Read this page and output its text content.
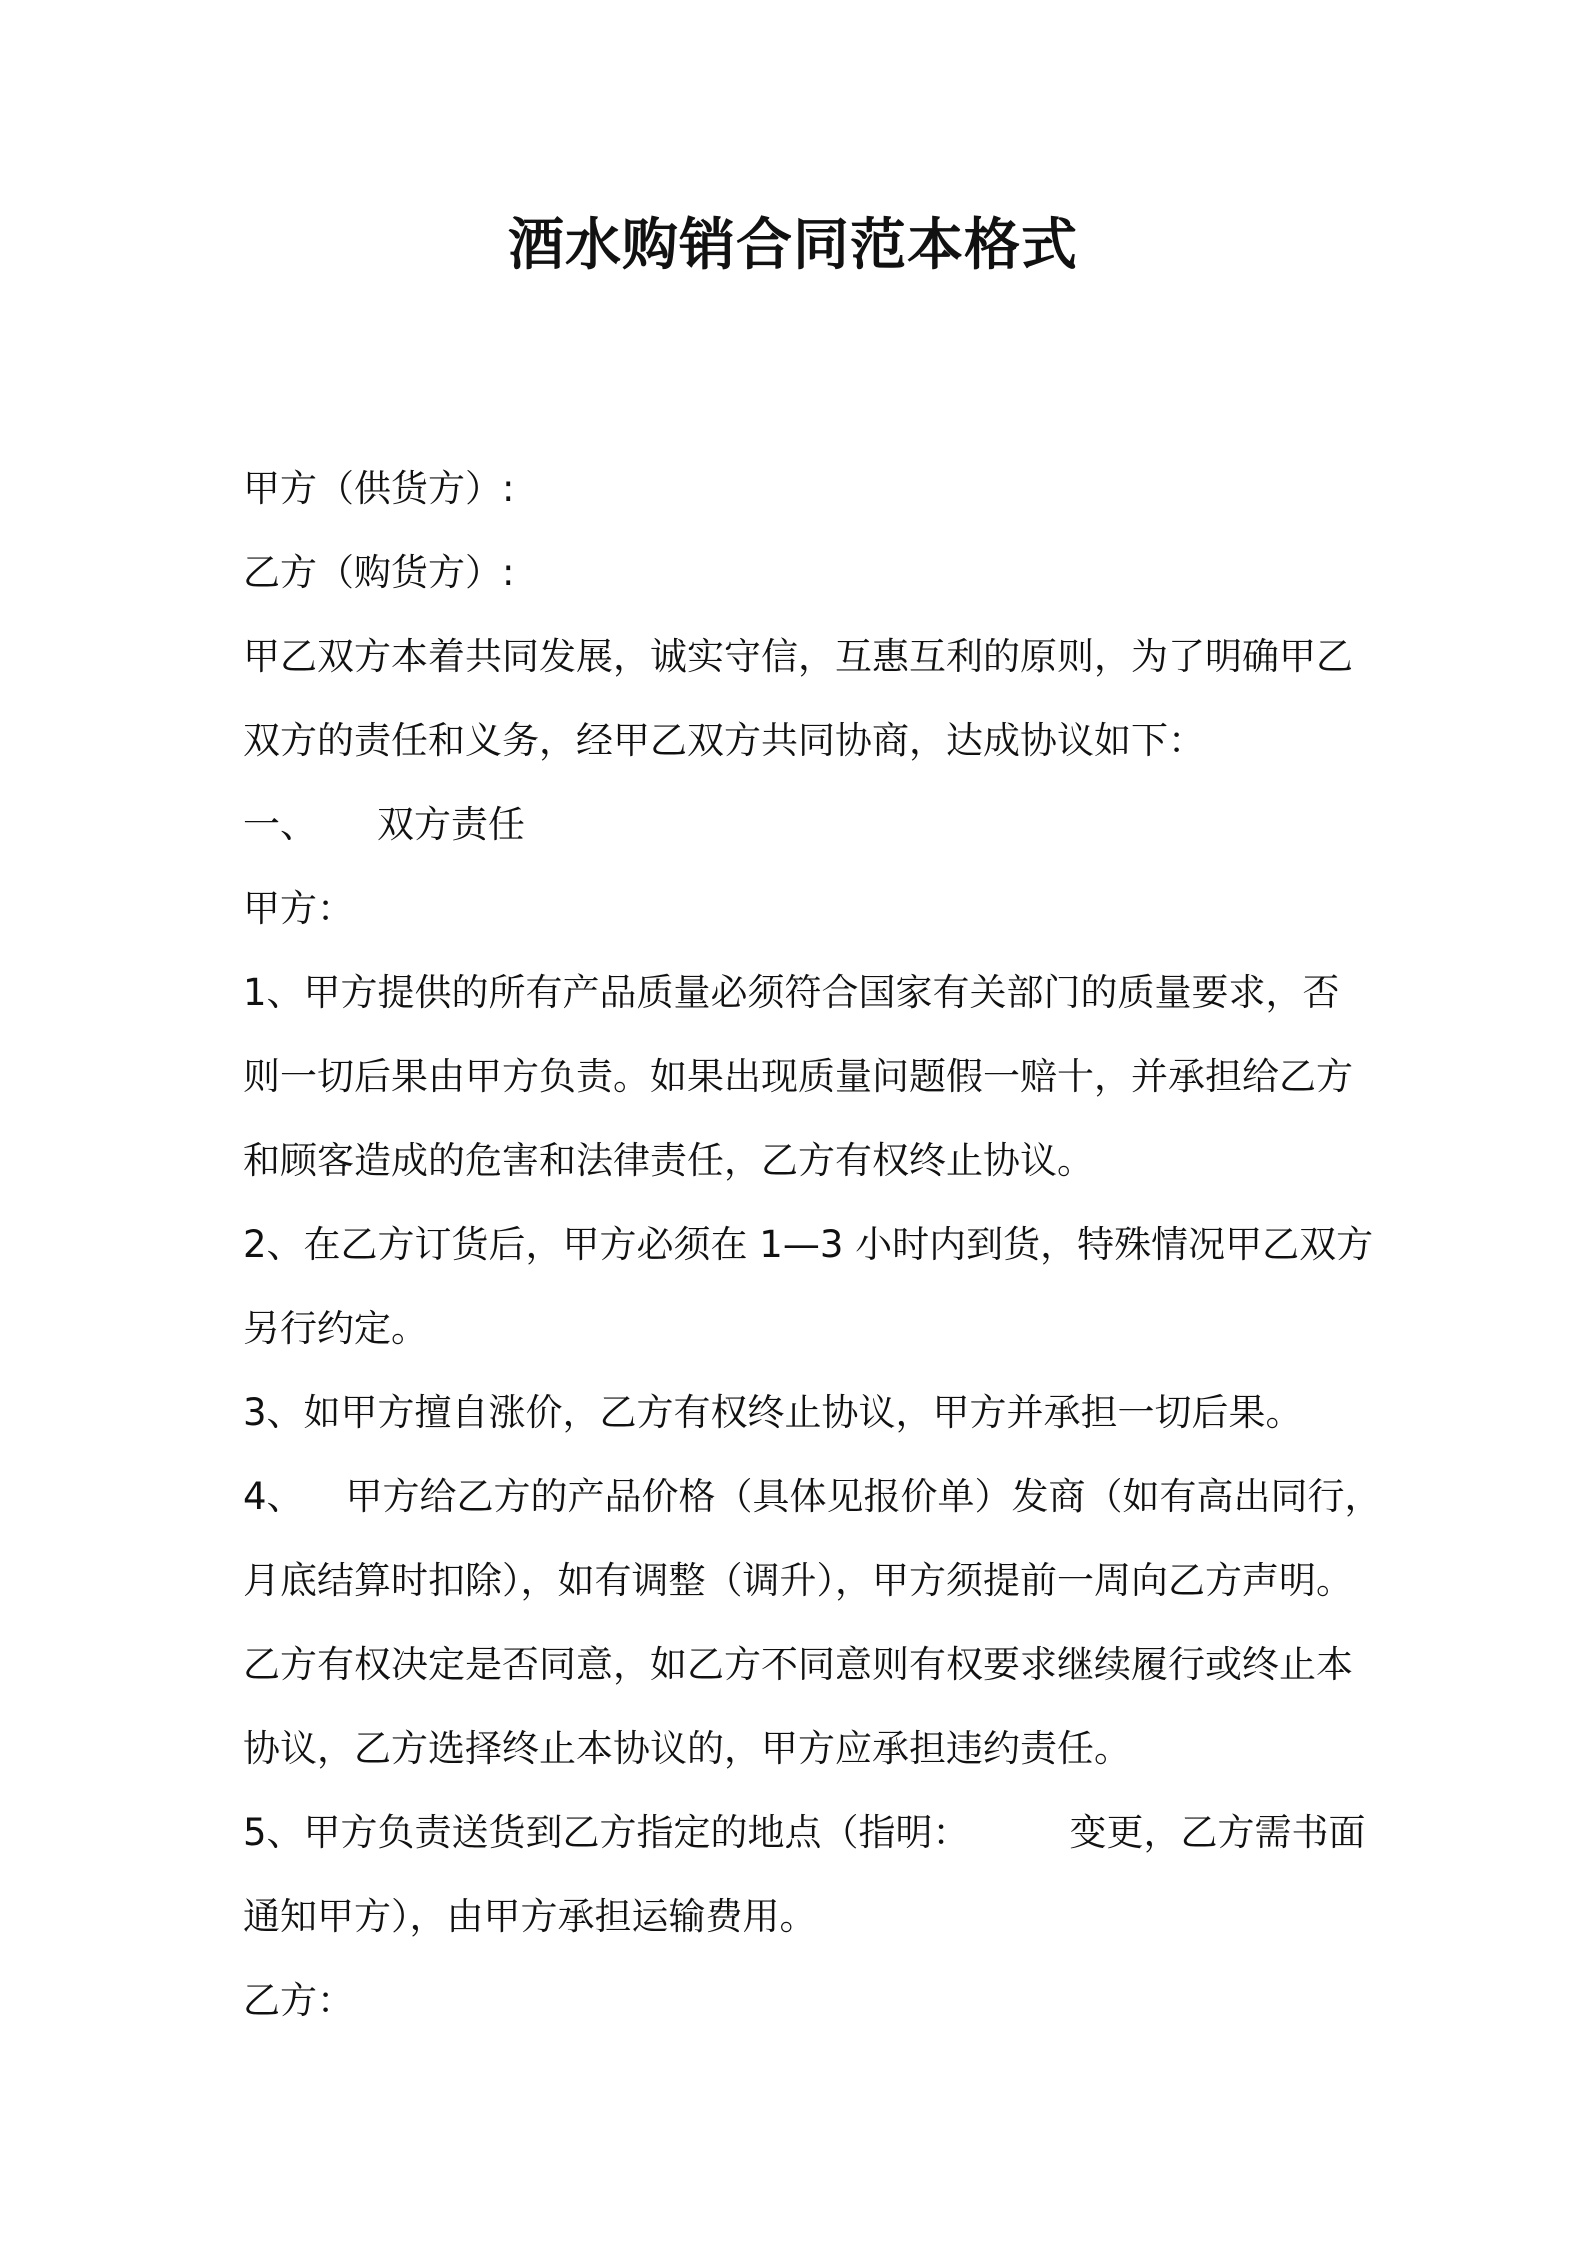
酒水购销合同范本格式

甲方（供货方）:

乙方（购货方）:

甲乙双方本着共同发展，诚实守信，互惠互利的原则，为了明确甲乙

双方的责任和义务，经甲乙双方共同协商，达成协议如下：

一、 双方责任

甲方：

1、甲方提供的所有产品质量必须符合国家有关部门的质量要求，否

则一切后果由甲方负责。如果出现质量问题假一赔十，并承担给乙方

和顾客造成的危害和法律责任，乙方有权终止协议。

2、在乙方订货后，甲方必须在 1—3 小时内到货，特殊情况甲乙双方

另行约定。

3、如甲方擅自涨价，乙方有权终止协议，甲方并承担一切后果。

4、 甲方给乙方的产品价格（具体见报价单）发商（如有高出同行，

月底结算时扣除），如有调整（调升），甲方须提前一周向乙方声明。

乙方有权决定是否同意，如乙方不同意则有权要求继续履行或终止本

协议，乙方选择终止本协议的，甲方应承担违约责任。

5、甲方负责送货到乙方指定的地点（指明：	变更，乙方需书面

通知甲方），由甲方承担运输费用。

乙方：
